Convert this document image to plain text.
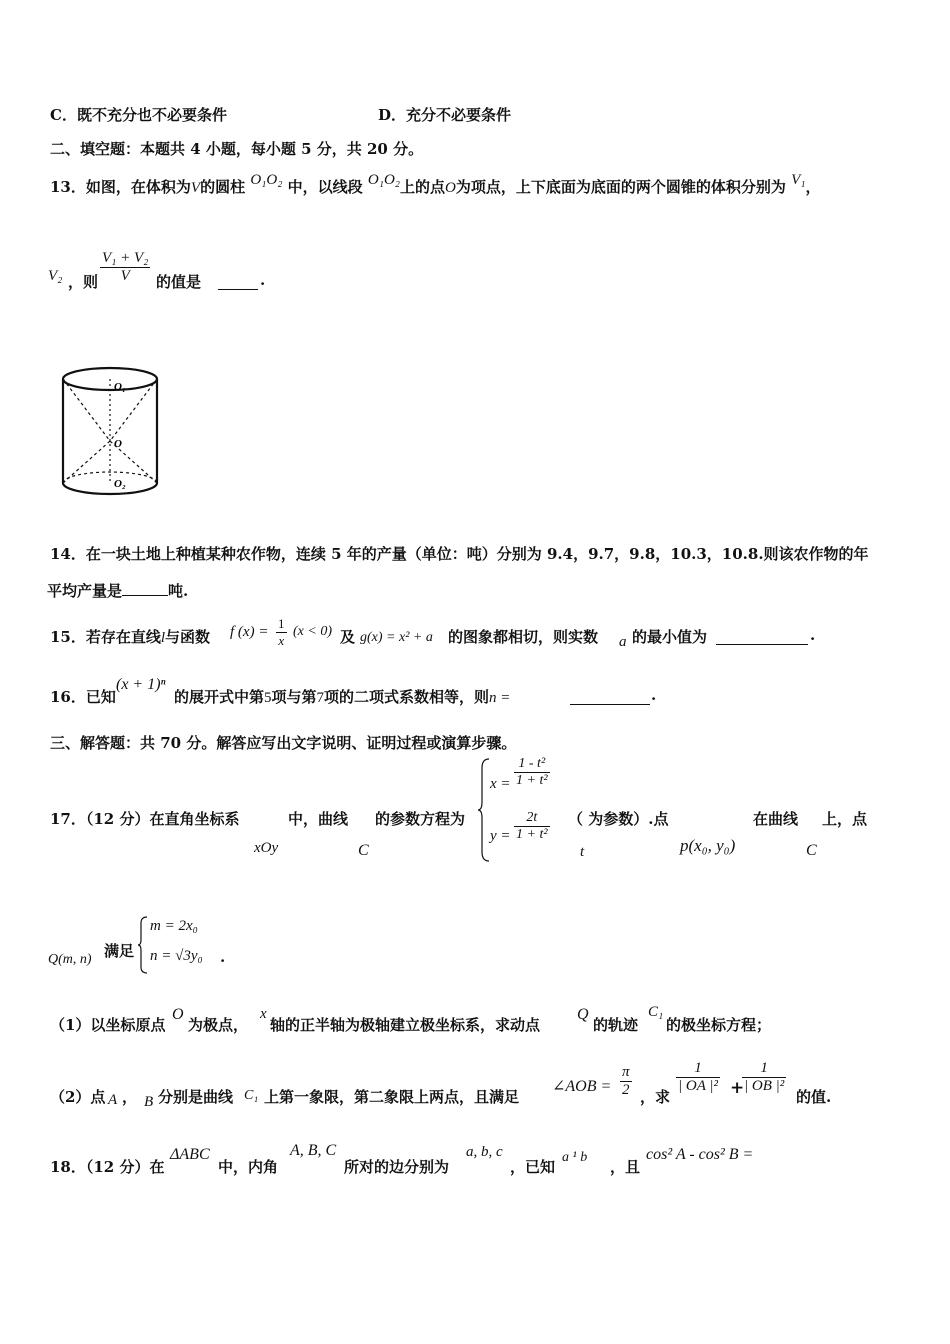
C．既不充分也不必要条件	D．充分不必要条件
二、填空题：本题共 4 小题，每小题 5 分，共 20 分。
13．如图，在体积为V的圆柱 O₁O₂ 中，以线段 O₁O₂上的点O为项点，上下底面为底面的两个圆锥的体积分别为 V₁，
V₂ ，则 $\frac{\text{V₁ + V₂}}{V}$ 的值是	.
O₁
O
O₂
14．在一块土地上种植某种农作物，连续 5 年的产量（单位：吨）分别为 9.4，9.7，9.8，10.3，10.8.则该农作物的年
平均产量是	吨.
15．若存在直线l与函数 f $(x) = \frac{1}{x} (x < 0)$ 及 g(x) = x² + a 的图象都相切，则实数 a 的最小值为	.
16．已知
(x + 1)ⁿ
的展开式中第5项与第7项的二项式系数相等，则n =	.
三、解答题：共 70 分。解答应写出文字说明、证明过程或演算步骤。
17．（12 分）在直角坐标系	中，曲线 的参数方程为
xOy	C
$x = \frac{\text{1 - t²}}{\text{1 + t²}}$
$y = \frac{2t}{\text{1 + t²}}$ （ 为参数）.点
t	p(x₀, y₀)
在曲线 上，点
C
Q(m, n) 满足
m = 2x₀
n = √3y₀ .
（1）以坐标原点
O
为极点，
x
轴的正半轴为极轴建立极坐标系，求动点
Q
的轨迹
C₁
的极坐标方程；
（2）点 A ， B 分别是曲线 C₁ 上第一象限，第二象限上两点，且满足
∠AOB = $\frac{\pi}{2}$ ，求
$\frac{1}{\text{| OA |²}}$ +
$\frac{1}{\text{| OB |²}}$
的值.
18．（12 分）在
ΔABC
中，内角
A, B, C
所对的边分别为
a, b, c
，已知
a ¹ b
，且
cos² A - cos² B =
